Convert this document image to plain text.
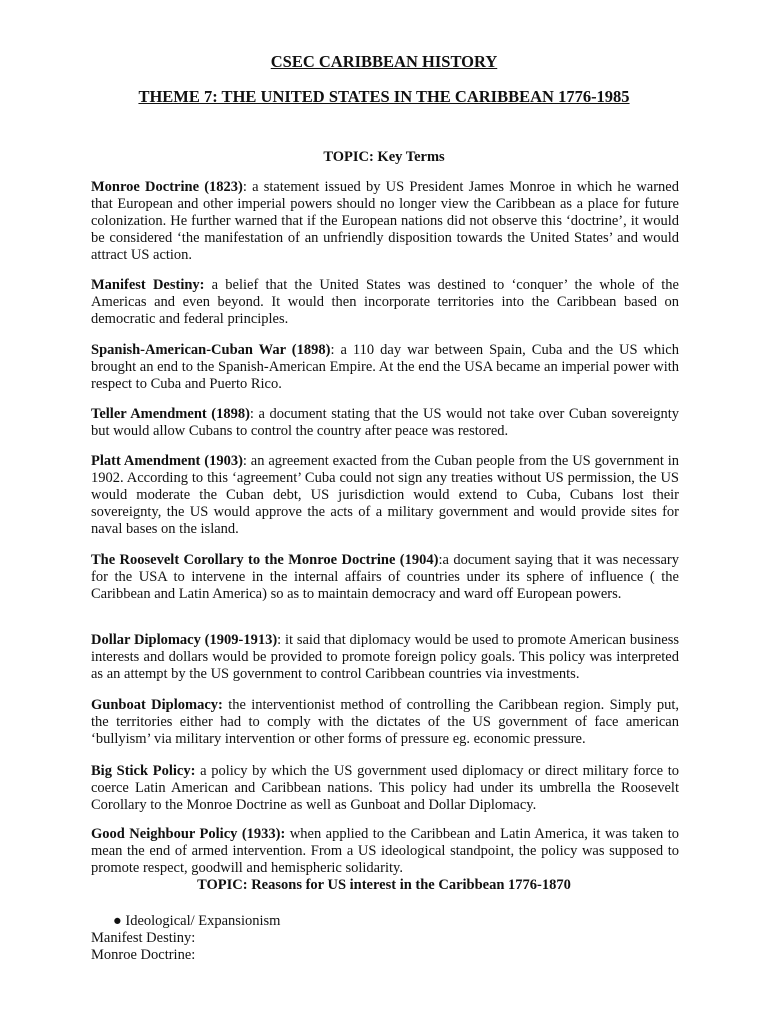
CSEC CARIBBEAN HISTORY
THEME 7: THE UNITED STATES IN THE CARIBBEAN 1776-1985

TOPIC: Key Terms

Monroe Doctrine (1823): a statement issued by US President James Monroe in which he warned that European and other imperial powers should no longer view the Caribbean as a place for future colonization. He further warned that if the European nations did not observe this ‘doctrine’, it would be considered ‘the manifestation of an unfriendly disposition towards the United States’ and would attract US action.

Manifest Destiny: a belief that the United States was destined to ‘conquer’ the whole of the Americas and even beyond. It would then incorporate territories into the Caribbean based on democratic and federal principles.

Spanish-American-Cuban War (1898): a 110 day war between Spain, Cuba and the US which brought an end to the Spanish-American Empire. At the end the USA became an imperial power with respect to Cuba and Puerto Rico.

Teller Amendment (1898): a document stating that the US would not take over Cuban sovereignty but would allow Cubans to control the country after peace was restored.

Platt Amendment (1903): an agreement exacted from the Cuban people from the US government in 1902. According to this ‘agreement’ Cuba could not sign any treaties without US permission, the US would moderate the Cuban debt, US jurisdiction would extend to Cuba, Cubans lost their sovereignty, the US would approve the acts of a military government and would provide sites for naval bases on the island.

The Roosevelt Corollary to the Monroe Doctrine (1904):a document saying that it was necessary for the USA to intervene in the internal affairs of countries under its sphere of influence ( the Caribbean and Latin America) so as to maintain democracy and ward off European powers.

Dollar Diplomacy (1909-1913): it said that diplomacy would be used to promote American business interests and dollars would be provided to promote foreign policy goals. This policy was interpreted as an attempt by the US government to control Caribbean countries via investments.

Gunboat Diplomacy: the interventionist method of controlling the Caribbean region. Simply put, the territories either had to comply with the dictates of the US government of face american ‘bullyism’ via military intervention or other forms of pressure eg. economic pressure.

Big Stick Policy: a policy by which the US government used diplomacy or direct military force to coerce Latin American and Caribbean nations. This policy had under its umbrella the Roosevelt Corollary to the Monroe Doctrine as well as Gunboat and Dollar Diplomacy.

Good Neighbour Policy (1933): when applied to the Caribbean and Latin America, it was taken to mean the end of armed intervention. From a US ideological standpoint, the policy was supposed to promote respect, goodwill and hemispheric solidarity.

TOPIC: Reasons for US interest in the Caribbean 1776-1870

● Ideological/ Expansionism
Manifest Destiny:
Monroe Doctrine:
